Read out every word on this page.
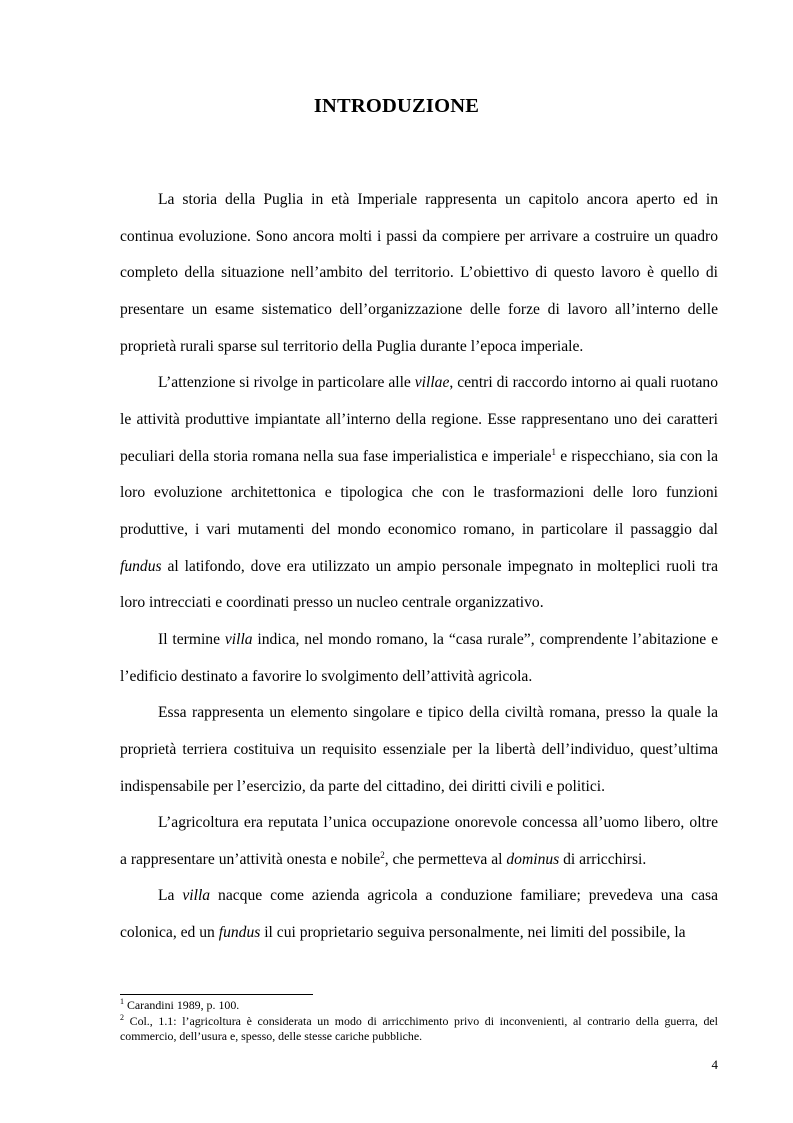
INTRODUZIONE

La storia della Puglia in età Imperiale rappresenta un capitolo ancora aperto ed in continua evoluzione. Sono ancora molti i passi da compiere per arrivare a costruire un quadro completo della situazione nell’ambito del territorio. L’obiettivo di questo lavoro è quello di presentare un esame sistematico dell’organizzazione delle forze di lavoro all’interno delle proprietà rurali sparse sul territorio della Puglia durante l’epoca imperiale.

L’attenzione si rivolge in particolare alle villae, centri di raccordo intorno ai quali ruotano le attività produttive impiantate all’interno della regione. Esse rappresentano uno dei caratteri peculiari della storia romana nella sua fase imperialistica e imperiale$^1$ e rispecchiano, sia con la loro evoluzione architettonica e tipologica che con le trasformazioni delle loro funzioni produttive, i vari mutamenti del mondo economico romano, in particolare il passaggio dal fundus al latifondo, dove era utilizzato un ampio personale impegnato in molteplici ruoli tra loro intrecciati e coordinati presso un nucleo centrale organizzativo.

Il termine villa indica, nel mondo romano, la “casa rurale”, comprendente l’abitazione e l’edificio destinato a favorire lo svolgimento dell’attività agricola.

Essa rappresenta un elemento singolare e tipico della civiltà romana, presso la quale la proprietà terriera costituiva un requisito essenziale per la libertà dell’individuo, quest’ultima indispensabile per l’esercizio, da parte del cittadino, dei diritti civili e politici.

L’agricoltura era reputata l’unica occupazione onorevole concessa all’uomo libero, oltre a rappresentare un’attività onesta e nobile$^2$, che permetteva al dominus di arricchirsi.

La villa nacque come azienda agricola a conduzione familiare; prevedeva una casa colonica, ed un fundus il cui proprietario seguiva personalmente, nei limiti del possibile, la

$^1$ Carandini 1989, p. 100.

$^2$ Col., 1.1: l’agricoltura è considerata un modo di arricchimento privo di inconvenienti, al contrario della guerra, del commercio, dell’usura e, spesso, delle stesse cariche pubbliche.

4
